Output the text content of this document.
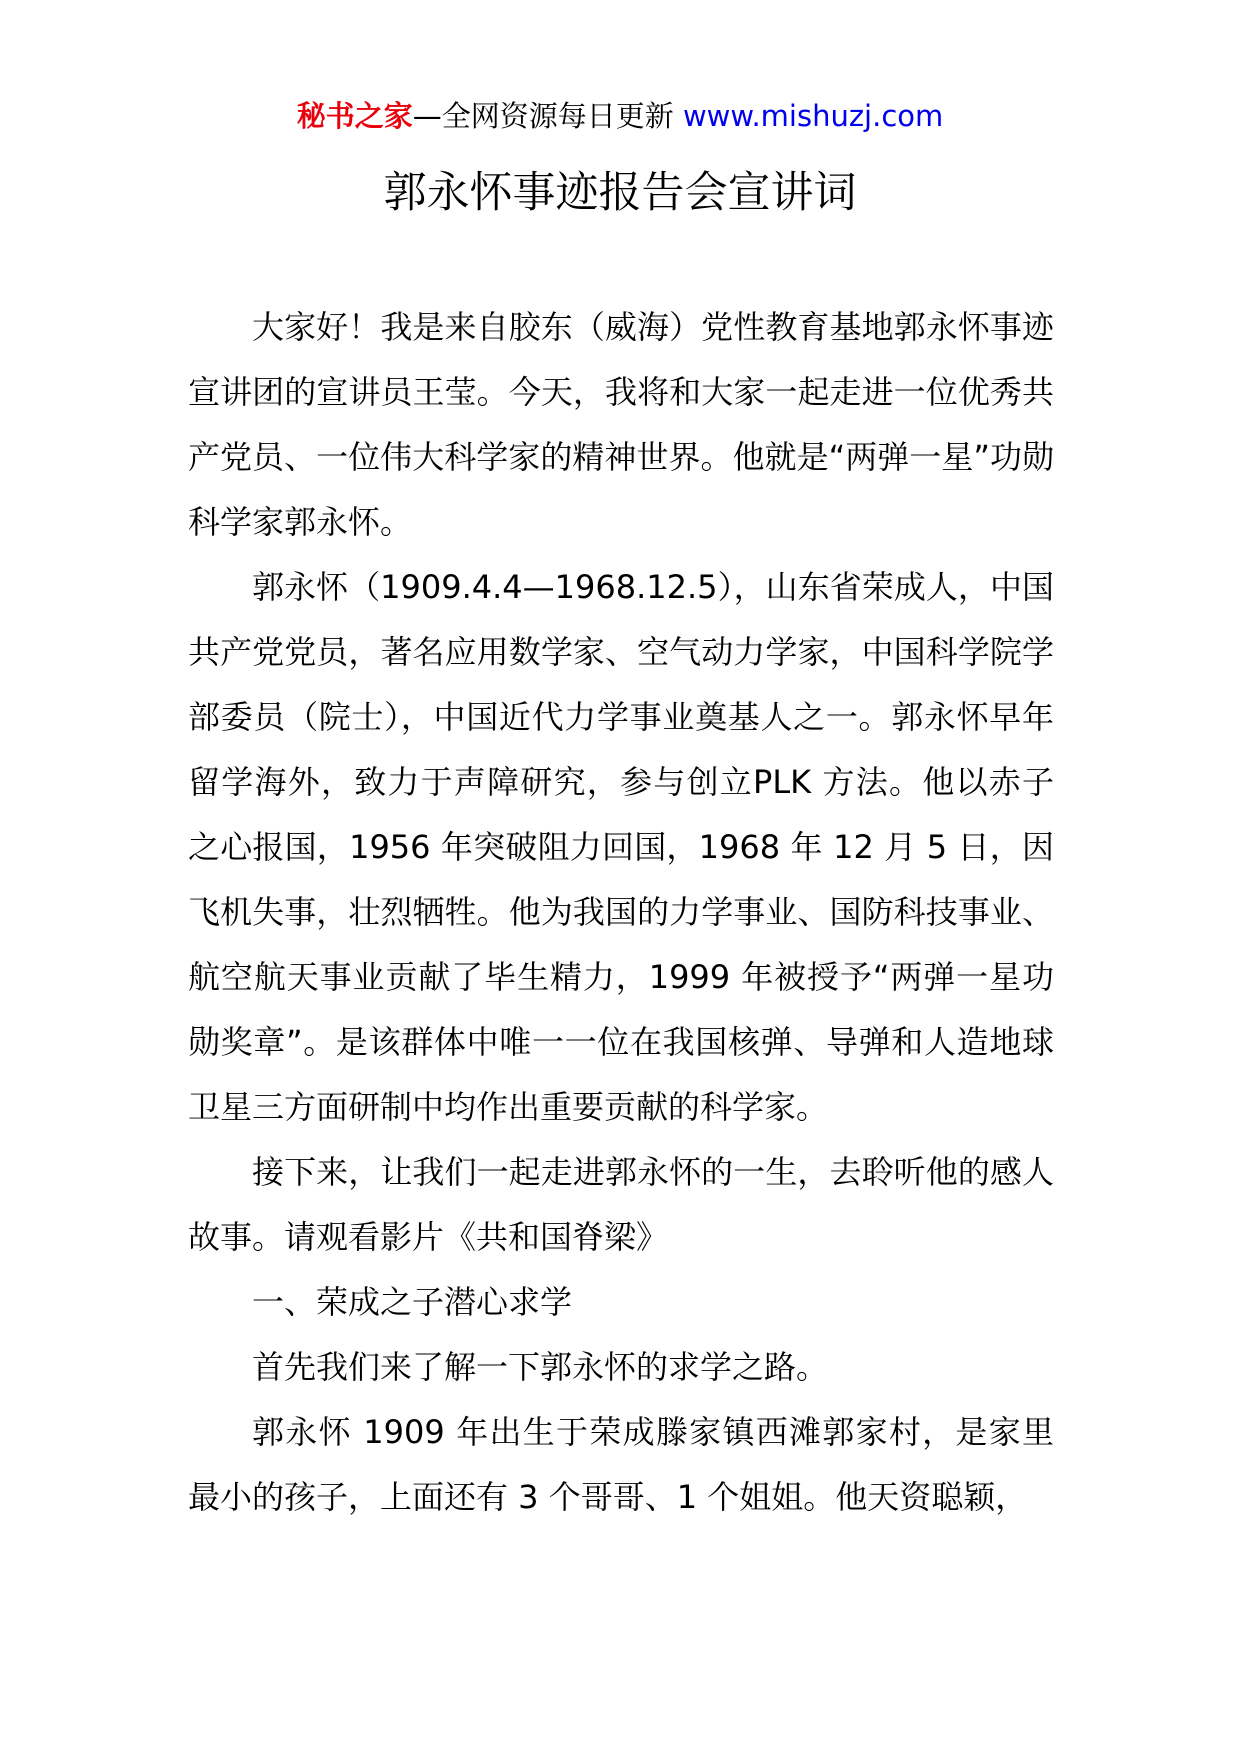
秘书之家—全网资源每日更新 www.mishuzj.com
郭永怀事迹报告会宣讲词

大家好！我是来自胶东（威海）党性教育基地郭永怀事迹宣讲团的宣讲员王莹。今天，我将和大家一起走进一位优秀共产党员、一位伟大科学家的精神世界。他就是“两弹一星”功勋科学家郭永怀。

郭永怀（1909.4.4—1968.12.5），山东省荣成人，中国共产党党员，著名应用数学家、空气动力学家，中国科学院学部委员（院士），中国近代力学事业奠基人之一。郭永怀早年留学海外，致力于声障研究，参与创立PLK 方法。他以赤子之心报国，1956 年突破阻力回国，1968 年 12 月 5 日，因飞机失事，壮烈牺牲。他为我国的力学事业、国防科技事业、航空航天事业贡献了毕生精力，1999 年被授予“两弹一星功勋奖章”。是该群体中唯一一位在我国核弹、导弹和人造地球卫星三方面研制中均作出重要贡献的科学家。

接下来，让我们一起走进郭永怀的一生，去聆听他的感人故事。请观看影片《共和国脊梁》

一、荣成之子潜心求学

首先我们来了解一下郭永怀的求学之路。

郭永怀 1909 年出生于荣成滕家镇西滩郭家村，是家里最小的孩子，上面还有 3 个哥哥、1 个姐姐。他天资聪颖，
